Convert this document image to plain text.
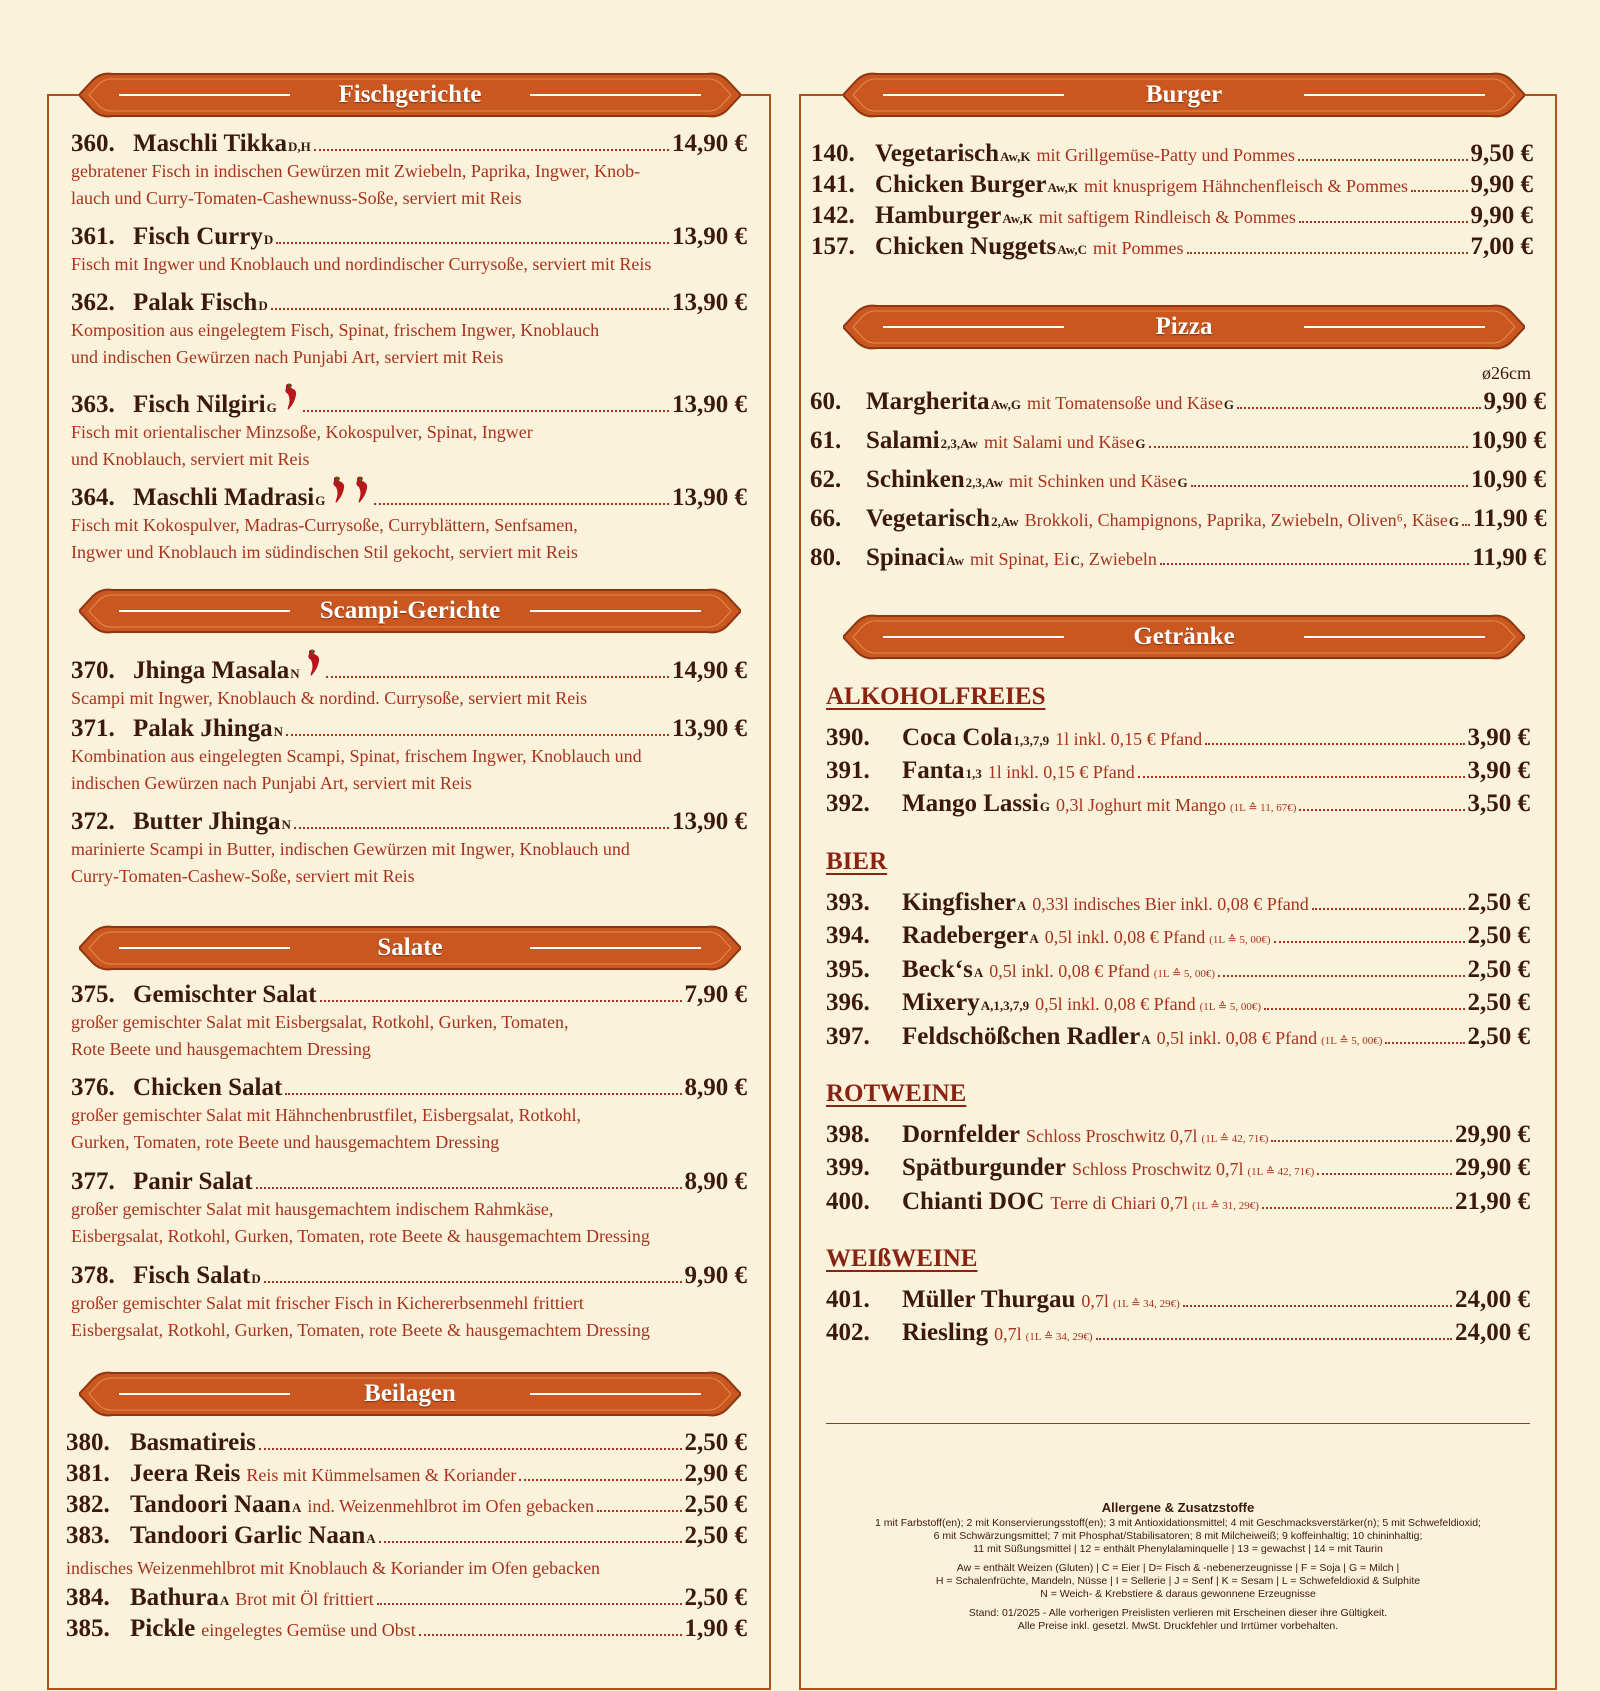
Fischgerichte
360. Maschli Tikka D,H	14,90 €
gebratener Fisch in indischen Gewürzen mit Zwiebeln, Paprika, Ingwer, Knob-
lauch und Curry-Tomaten-Cashewnuss-Soße, serviert mit Reis
361. Fisch Curry D	13,90 €
Fisch mit Ingwer und Knoblauch und nordindischer Currysoße, serviert mit Reis
362. Palak Fisch D	13,90 €
Komposition aus eingelegtem Fisch, Spinat, frischem Ingwer, Knoblauch
und indischen Gewürzen nach Punjabi Art, serviert mit Reis
363. Fisch Nilgiri G	13,90 €
Fisch mit orientalischer Minzsoße, Kokospulver, Spinat, Ingwer
und Knoblauch, serviert mit Reis
364. Maschli Madrasi G	13,90 €
Fisch mit Kokospulver, Madras-Currysoße, Curryblättern, Senfsamen,
Ingwer und Knoblauch im südindischen Stil gekocht, serviert mit Reis
Scampi-Gerichte
370. Jhinga Masala N	14,90 €
Scampi mit Ingwer, Knoblauch & nordind. Currysoße, serviert mit Reis
371. Palak Jhinga N	13,90 €
Kombination aus eingelegten Scampi, Spinat, frischem Ingwer, Knoblauch und
indischen Gewürzen nach Punjabi Art, serviert mit Reis
372. Butter Jhinga N	13,90 €
marinierte Scampi in Butter, indischen Gewürzen mit Ingwer, Knoblauch und
Curry-Tomaten-Cashew-Soße, serviert mit Reis
Salate
375. Gemischter Salat	7,90 €
großer gemischter Salat mit Eisbergsalat, Rotkohl, Gurken, Tomaten,
Rote Beete und hausgemachtem Dressing
376. Chicken Salat	8,90 €
großer gemischter Salat mit Hähnchenbrustfilet, Eisbergsalat, Rotkohl,
Gurken, Tomaten, rote Beete und hausgemachtem Dressing
377. Panir Salat	8,90 €
großer gemischter Salat mit hausgemachtem indischem Rahmkäse,
Eisbergsalat, Rotkohl, Gurken, Tomaten, rote Beete & hausgemachtem Dressing
378. Fisch Salat D	9,90 €
großer gemischter Salat mit frischer Fisch in Kichererbsenmehl frittiert
Eisbergsalat, Rotkohl, Gurken, Tomaten, rote Beete & hausgemachtem Dressing
Beilagen
380. Basmatireis	2,50 €
381. Jeera Reis Reis mit Kümmelsamen & Koriander	2,90 €
382. Tandoori Naan A ind. Weizenmehlbrot im Ofen gebacken	2,50 €
383. Tandoori Garlic Naan A	2,50 €
384. Bathura A Brot mit Öl frittiert	2,50 €
385. Pickle eingelegtes Gemüse und Obst	1,90 €
indisches Weizenmehlbrot mit Knoblauch & Koriander im Ofen gebacken
Burger
140. Vegetarisch Aw,K mit Grillgemüse-Patty und Pommes	9,50 €
141. Chicken Burger Aw,K mit knusprigem Hähnchenfleisch & Pommes	9,90 €
142. Hamburger Aw,K mit saftigem Rindleisch & Pommes	9,90 €
157. Chicken Nuggets Aw,C mit Pommes	7,00 €
Pizza
ø26cm
60. Margherita Aw,G mit Tomatensoße und Käse G	9,90 €
61. Salami 2,3,Aw mit Salami und Käse G	10,90 €
62. Schinken 2,3,Aw mit Schinken und Käse G	10,90 €
66. Vegetarisch 2,Aw Brokkoli, Champignons, Paprika, Zwiebeln, Oliven⁶, Käse G 11,90 €
80. Spinaci Aw mit Spinat, Ei C , Zwiebeln	11,90 €
Getränke
ALKOHOLFREIES
390.	Coca Cola 1,3,7,9 1l inkl. 0,15 € Pfand	3,90 €
391.	Fanta 1,3 1l inkl. 0,15 € Pfand	3,90 €
392.	Mango Lassi G 0,3l Joghurt mit Mango (1L ≙ 11, 67€)	3,50 €
BIER
393.	Kingfisher A 0,33l indisches Bier inkl. 0,08 € Pfand	2,50 €
394.	Radeberger A 0,5l inkl. 0,08 € Pfand (1L ≙ 5, 00€)	2,50 €
395.	Beck‘s A 0,5l inkl. 0,08 € Pfand (1L ≙ 5, 00€)	2,50 €
396.	Mixery A,1,3,7,9 0,5l inkl. 0,08 € Pfand (1L ≙ 5, 00€)	2,50 €
397.	Feldschößchen Radler A 0,5l inkl. 0,08 € Pfand (1L ≙ 5, 00€)	2,50 €
ROTWEINE
398.	Dornfelder Schloss Proschwitz 0,7l (1L ≙ 42, 71€)	29,90 €
399.	Spätburgunder Schloss Proschwitz 0,7l (1L ≙ 42, 71€)	29,90 €
400.	Chianti DOC Terre di Chiari 0,7l (1L ≙ 31, 29€)	21,90 €
WEIßWEINE
401.	Müller Thurgau 0,7l (1L ≙ 34, 29€)	24,00 €
402.	Riesling 0,7l (1L ≙ 34, 29€)	24,00 €
Allergene & Zusatzstoffe
1 mit Farbstoff(en); 2 mit Konservierungsstoff(en); 3 mit Antioxidationsmittel; 4 mit Geschmacksverstärker(n); 5 mit Schwefeldioxid;
6 mit Schwärzungsmittel; 7 mit Phosphat/Stabilisatoren; 8 mit Milcheiweiß; 9 koffeinhaltig; 10 chininhaltig;
11 mit Süßungsmittel | 12 = enthält Phenylalaminquelle | 13 = gewachst | 14 = mit Taurin
Aw = enthält Weizen (Gluten) | C = Eier | D= Fisch & -nebenerzeugnisse | F = Soja | G = Milch |
H = Schalenfrüchte, Mandeln, Nüsse | I = Sellerie | J = Senf | K = Sesam | L = Schwefeldioxid & Sulphite
N = Weich- & Krebstiere & daraus gewonnene Erzeugnisse
Stand: 01/2025 - Alle vorherigen Preislisten verlieren mit Erscheinen dieser ihre Gültigkeit.
Alle Preise inkl. gesetzl. MwSt. Druckfehler und Irrtümer vorbehalten.
